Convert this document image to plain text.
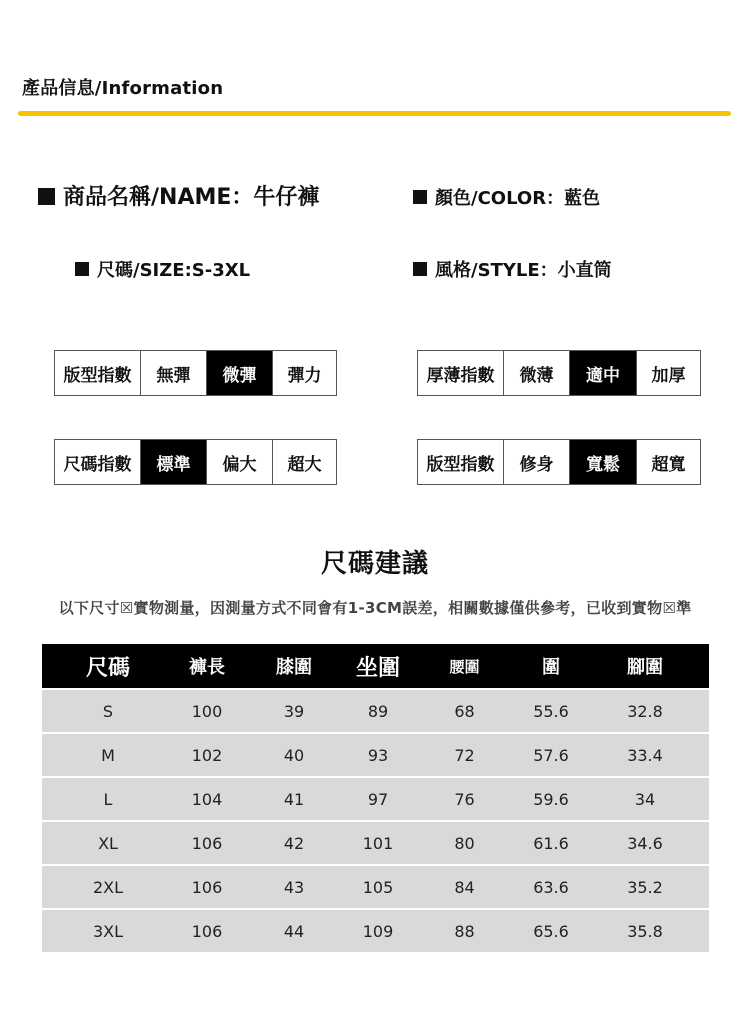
產品信息/Information
商品名稱/NAME：牛仔褲	顏色/COLOR：藍色
尺碼/SIZE:S-3XL	風格/STYLE：小直筒
版型指數	無彈	微彈	彈力	厚薄指數	微薄	適中	加厚
尺碼指數	標準	偏大	超大	版型指數	修身	寬鬆	超寬
尺碼建議
以下尺寸☒實物測量，因測量方式不同會有1-3CM誤差，相關數據僅供參考，已收到實物☒準
尺碼	褲長	膝圍	坐圍	腰圍	圍	腳圍
S	100	39	89	68	55.6	32.8
M	102	40	93	72	57.6	33.4
L	104	41	97	76	59.6	34
XL	106	42	101	80	61.6	34.6
2XL	106	43	105	84	63.6	35.2
3XL	106	44	109	88	65.6	35.8
